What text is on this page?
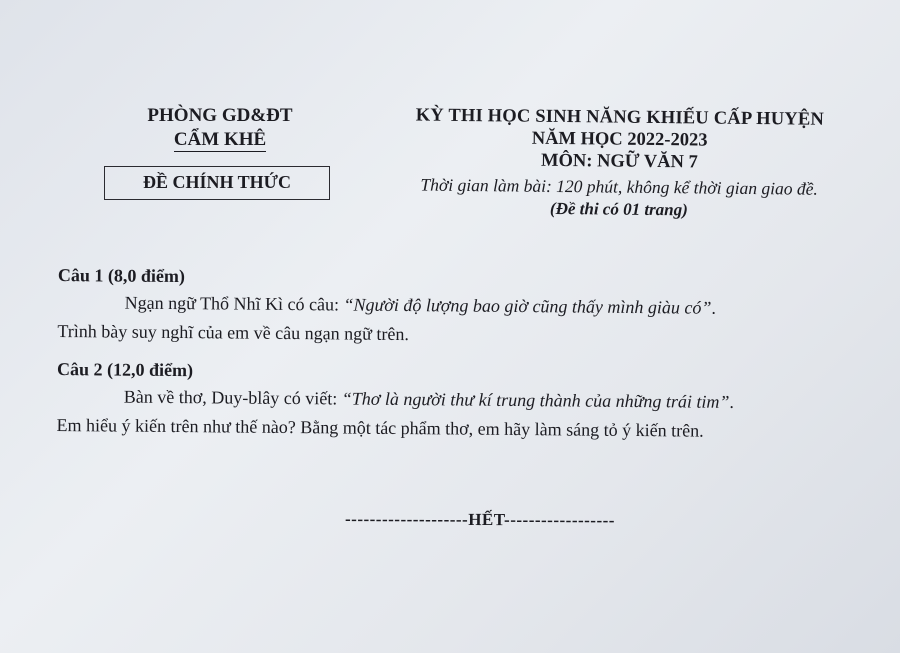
PHÒNG GD&ĐT
CẨM KHÊ
ĐỀ CHÍNH THỨC
KỲ THI HỌC SINH NĂNG KHIẾU CẤP HUYỆN
NĂM HỌC 2022-2023
MÔN: NGỮ VĂN 7
Thời gian làm bài: 120 phút, không kể thời gian giao đề.
(Đề thi có 01 trang)

Câu 1 (8,0 điểm)

Ngạn ngữ Thổ Nhĩ Kì có câu: “Người độ lượng bao giờ cũng thấy mình giàu có”.

Trình bày suy nghĩ của em về câu ngạn ngữ trên.

Câu 2 (12,0 điểm)

Bàn về thơ, Duy-blây có viết: “Thơ là người thư kí trung thành của những trái tim”.

Em hiểu ý kiến trên như thế nào? Bằng một tác phẩm thơ, em hãy làm sáng tỏ ý kiến trên.

--------------------HẾT------------------
